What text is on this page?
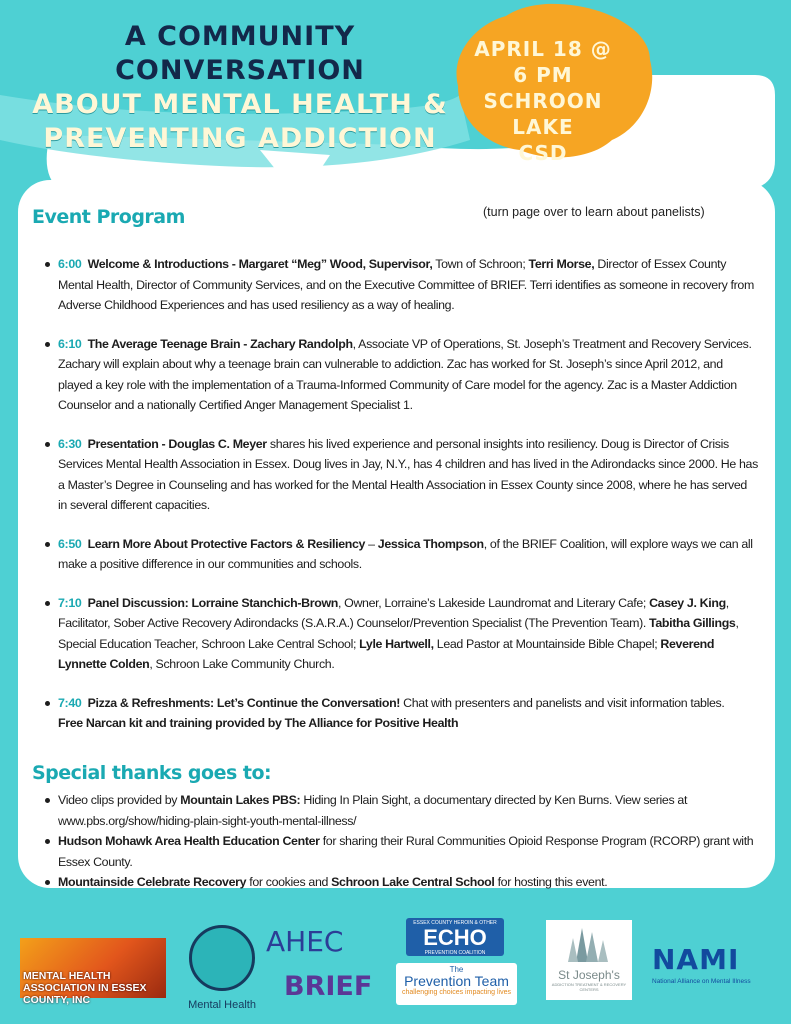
A COMMUNITY CONVERSATION
ABOUT MENTAL HEALTH &
PREVENTING ADDICTION
APRIL 18 @ 6 PM
SCHROON LAKE
CSD
Event Program	(turn page over to learn about panelists)
6:00 Welcome & Introductions - Margaret “Meg” Wood, Supervisor, Town of Schroon; Terri Morse, Director of Essex County Mental Health, Director of Community Services, and on the Executive Committee of BRIEF. Terri identifies as someone in recovery from Adverse Childhood Experiences and has used resiliency as a way of healing.
6:10 The Average Teenage Brain - Zachary Randolph, Associate VP of Operations, St. Joseph’s Treatment and Recovery Services. Zachary will explain about why a teenage brain can vulnerable to addiction. Zac has worked for St. Joseph’s since April 2012, and played a key role with the implementation of a Trauma-Informed Community of Care model for the agency. Zac is a Master Addiction Counselor and a nationally Certified Anger Management Specialist 1.
6:30 Presentation - Douglas C. Meyer shares his lived experience and personal insights into resiliency. Doug is Director of Crisis Services Mental Health Association in Essex. Doug lives in Jay, N.Y., has 4 children and has lived in the Adirondacks since 2000. He has a Master’s Degree in Counseling and has worked for the Mental Health Association in Essex County since 2008, where he has served in several different capacities.
6:50 Learn More About Protective Factors & Resiliency – Jessica Thompson, of the BRIEF Coalition, will explore ways we can all make a positive difference in our communities and schools.
7:10 Panel Discussion: Lorraine Stanchich-Brown, Owner, Lorraine’s Lakeside Laundromat and Literary Cafe; Casey J. King, Facilitator, Sober Active Recovery Adirondacks (S.A.R.A.) Counselor/Prevention Specialist (The Prevention Team). Tabitha Gillings, Special Education Teacher, Schroon Lake Central School; Lyle Hartwell, Lead Pastor at Mountainside Bible Chapel; Reverend Lynnette Colden, Schroon Lake Community Church.
7:40 Pizza & Refreshments: Let’s Continue the Conversation! Chat with presenters and panelists and visit information tables.
Free Narcan kit and training provided by The Alliance for Positive Health
Special thanks goes to:
Video clips provided by Mountain Lakes PBS: Hiding In Plain Sight, a documentary directed by Ken Burns. View series at www.pbs.org/show/hiding-plain-sight-youth-mental-illness/
Hudson Mohawk Area Health Education Center for sharing their Rural Communities Opioid Response Program (RCORP) grant with Essex County.
Mountainside Celebrate Recovery for cookies and Schroon Lake Central School for hosting this event.
MENTAL HEALTH ASSOCIATION IN ESSEX COUNTY, INC	Mental Health
AHEC
BRIEF
ESSEX COUNTY HEROIN & OTHER
ECHO
PREVENTION COALITION
The
Prevention Team
challenging choices impacting lives
St Joseph's
ADDICTION TREATMENT & RECOVERY CENTERS
NAMI
National Alliance on Mental Illness
